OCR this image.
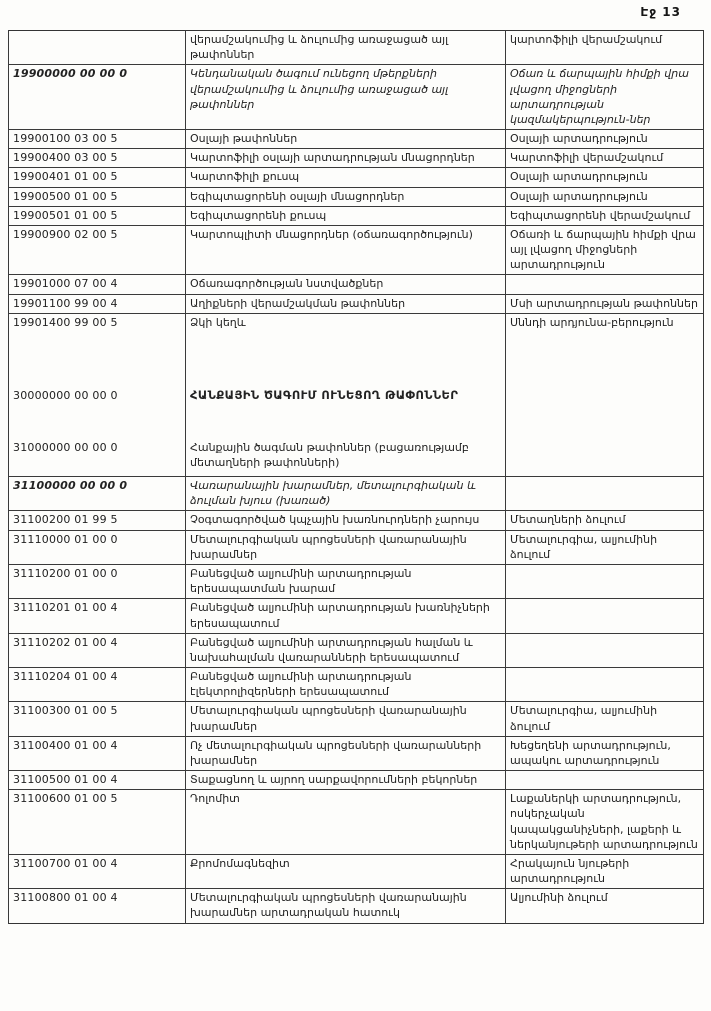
Էջ 13
	վերամշակումից և ձուլումից առաջացած այլ թափոններ	կարտոֆիլի վերամշակում
19900000 00 00 0	Կենդանական ծագում ունեցող մթերքների վերամշակումից և ձուլումից առաջացած այլ թափոններ	Օճառ և ճարպային հիմքի վրա լվացող միջոցների արտադրության կազմակերպություն-ներ
19900100 03 00 5	Օսլայի թափոններ	Օսլայի արտադրություն
19900400 03 00 5	Կարտոֆիլի օսլայի արտադրության մնացորդներ	Կարտոֆիլի վերամշակում
19900401 01 00 5	Կարտոֆիլի քուսպ	Օսլայի արտադրություն
19900500 01 00 5	Եգիպտացորենի օսլայի մնացորդներ	Օսլայի արտադրություն
19900501 01 00 5	Եգիպտացորենի քուսպ	Եգիպտացորենի վերամշակում
19900900 02 00 5	Կարտոպլիտի մնացորդներ (օճառագործություն)	Օճառի և ճարպային հիմքի վրա այլ լվացող միջոցների արտադրություն
19901000 07 00 4	Օճառագործության նստվածքներ	
19901100 99 00 4	Աղիքների վերամշակման թափոններ	Մսի արտադրության թափոններ
19901400 99 00 5	Ձկի կեղև	Սննդի արդյունա-բերություն
30000000 00 00 0	ՀԱՆՔԱՅԻՆ ԾԱԳՈՒՄ ՈՒՆԵՑՈՂ ԹԱՓՈՆՆԵՐ	
31000000 00 00 0	Հանքային ծագման թափոններ (բացառությամբ մետաղների թափոնների)	
31100000 00 00 0	Վառարանային խարամներ, մետալուրգիական և ձուլման խյուս (խառած)	
31100200 01 99 5	Չօգտագործված կպչային խառնուրդների չարույս	Մետաղների ձուլում
31110000 01 00 0	Մետալուրգիական պրոցեսների վառարանային խարամներ	Մետալուրգիա, ալյումինի ձուլում
31110200 01 00 0	Բանեցված ալյումինի արտադրության երեսապատման խարամ	
31110201 01 00 4	Բանեցված ալյումինի արտադրության խառնիչների երեսապատում	
31110202 01 00 4	Բանեցված ալյումինի արտադրության հալման և նախահալման վառարանների երեսապատում	
31110204 01 00 4	Բանեցված ալյումինի արտադրության էլեկտրոլիզերների երեսապատում	
31100300 01 00 5	Մետալուրգիական պրոցեսների վառարանային խարամներ	Մետալուրգիա, ալյումինի ձուլում
31100400 01 00 4	Ոչ մետալուրգիական պրոցեսների վառարանների խարամներ	Խեցեղենի արտադրություն, ապակու արտադրություն
31100500 01 00 4	Տաքացնող և այրող սարքավորումների բեկորներ	
31100600 01 00 5	Դոլոմիտ	Լաքաներկի արտադրություն, ոսկերչական կապակցանիչների, լաքերի և ներկանյութերի արտադրություն
31100700 01 00 4	Քրոմոմագնեզիտ	Հրակայուն նյութերի արտադրություն
31100800 01 00 4	Մետալուրգիական պրոցեսների վառարանային խարամներ արտադրական հատուկ	Ալյումինի ձուլում
